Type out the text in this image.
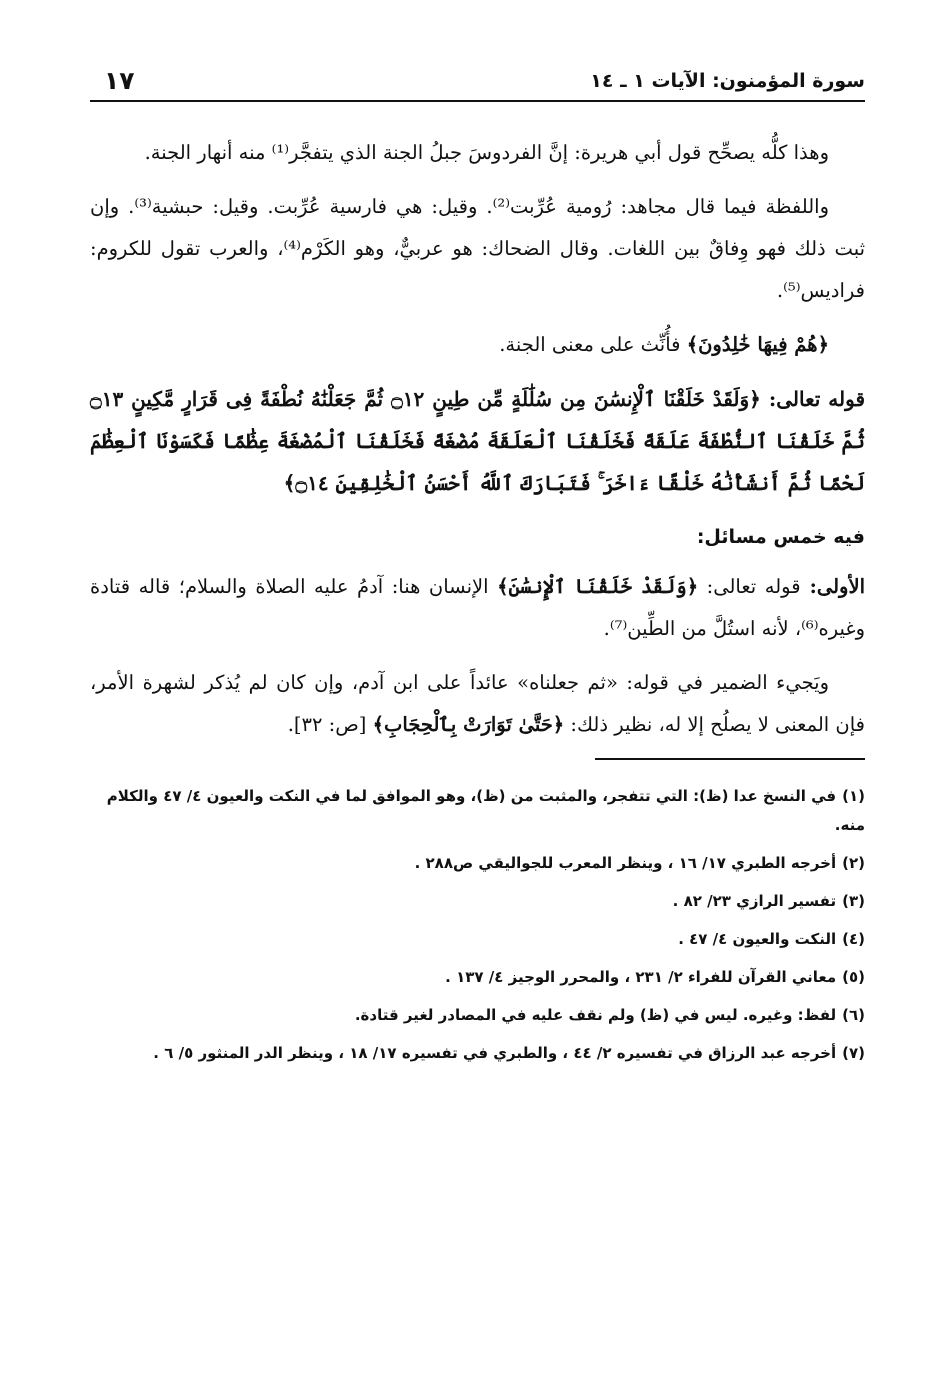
سورة المؤمنون: الآيات ١ ـ ١٤
١٧

وهذا كلُّه يصحِّح قول أبي هريرة: إنَّ الفردوسَ جبلُ الجنة الذي يتفجَّر⁽¹⁾ منه أنهار الجنة.

واللفظة فيما قال مجاهد: رُومية عُرِّبت⁽²⁾. وقيل: هي فارسية عُرِّبت. وقيل: حبشية⁽³⁾. وإن ثبت ذلك فهو وِفاقٌ بين اللغات. وقال الضحاك: هو عربيٌّ، وهو الكَرْم⁽⁴⁾، والعرب تقول للكروم: فراديس⁽⁵⁾.

﴿هُمْ فِيهَا خَٰلِدُونَ﴾ فأُنِّث على معنى الجنة.

قوله تعالى: ﴿وَلَقَدْ خَلَقْنَا ٱلْإِنسَٰنَ مِن سُلَٰلَةٍ مِّن طِينٍ ۝١٢ ثُمَّ جَعَلْنَٰهُ نُطْفَةً فِى قَرَارٍ مَّكِينٍ ۝١٣ ثُمَّ خَلَقْنَا ٱلنُّطْفَةَ عَلَقَةً فَخَلَقْنَا ٱلْعَلَقَةَ مُضْغَةً فَخَلَقْنَا ٱلْمُضْغَةَ عِظَٰمًا فَكَسَوْنَا ٱلْعِظَٰمَ لَحْمًا ثُمَّ أَنشَأْنَٰهُ خَلْقًا ءَاخَرَ ۚ فَتَبَارَكَ ٱللَّهُ أَحْسَنُ ٱلْخَٰلِقِينَ ۝١٤﴾

فيه خمس مسائل:

الأولى: قوله تعالى: ﴿وَلَقَدْ خَلَقْنَا ٱلْإِنسَٰنَ﴾ الإنسان هنا: آدمُ عليه الصلاة والسلام؛ قاله قتادة وغيره⁽⁶⁾، لأنه استُلَّ من الطِّين⁽⁷⁾.

ويَجيء الضمير في قوله: «ثم جعلناه» عائداً على ابن آدم، وإن كان لم يُذكر لشهرة الأمر، فإن المعنى لا يصلُح إلا له، نظير ذلك: ﴿حَتَّىٰ تَوَارَتْ بِٱلْحِجَابِ﴾ [ص: ٣٢].

(١)في النسخ عدا (ظ): التي تتفجر، والمثبت من (ظ)، وهو الموافق لما في النكت والعيون ٤/ ٤٧ والكلام منه.
(٢)أخرجه الطبري ١٧/ ١٦ ، وينظر المعرب للجواليقي ص٢٨٨ .
(٣)تفسير الرازي ٢٣/ ٨٢ .
(٤)النكت والعيون ٤/ ٤٧ .
(٥)معاني القرآن للفراء ٢/ ٢٣١ ، والمحرر الوجيز ٤/ ١٣٧ .
(٦)لفظ: وغيره. ليس في (ظ) ولم نقف عليه في المصادر لغير قتادة.
(٧)أخرجه عبد الرزاق في تفسيره ٢/ ٤٤ ، والطبري في تفسيره ١٧/ ١٨ ، وينظر الدر المنثور ٥/ ٦ .
